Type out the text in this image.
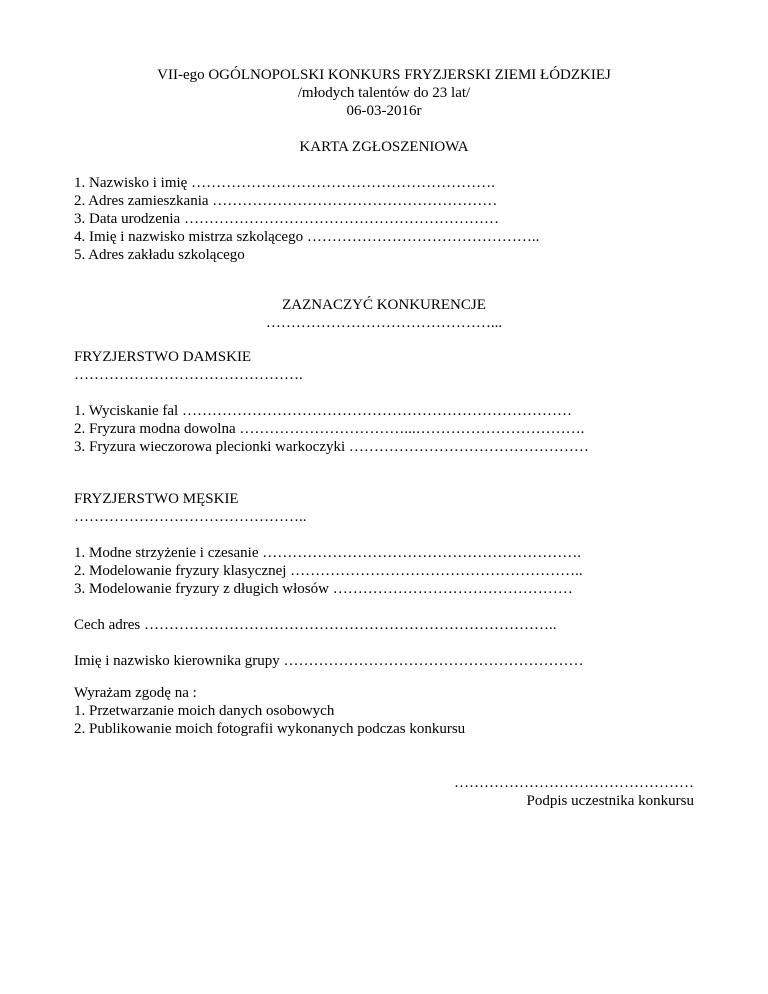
VII-ego OGÓLNOPOLSKI KONKURS FRYZJERSKI ZIEMI ŁÓDZKIEJ
/młodych talentów do 23 lat/
06-03-2016r
KARTA ZGŁOSZENIOWA
1. Nazwisko i imię …………………………………………………….
2. Adres zamieszkania …………………………………………………
3. Data urodzenia ………………………………………………………
4. Imię i nazwisko mistrza szkolącego ………………………………………..
5. Adres zakładu szkolącego
ZAZNACZYĆ KONKURENCJE
………………………………………...
FRYZJERSTWO DAMSKIE
……………………………………….
1. Wyciskanie fal ……………………………………………………………………
2. Fryzura modna dowolna ……………………………...…………………………….
3. Fryzura wieczorowa plecionki warkoczyki …………………………………………
FRYZJERSTWO MĘSKIE
………………………………………..
1. Modne strzyżenie i czesanie ……………………………………………………….
2. Modelowanie fryzury klasycznej …………………………………………………..
3. Modelowanie fryzury z długich włosów …………………………………………
Cech adres ………………………………………………………………………..
Imię i nazwisko kierownika grupy ……………………………………………………
Wyrażam zgodę na :
1. Przetwarzanie moich danych osobowych
2. Publikowanie moich fotografii wykonanych podczas konkursu
…………………………………………
Podpis uczestnika konkursu
